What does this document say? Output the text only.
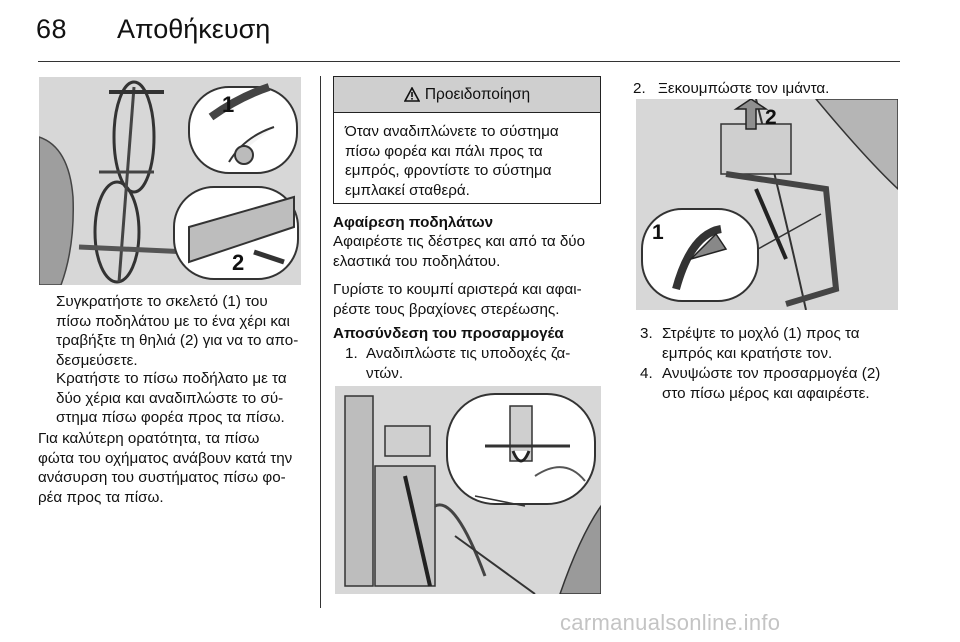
68 Αποθήκευση
1
2
Συγκρατήστε το σκελετό (1) του
πίσω ποδηλάτου με το ένα χέρι και
τραβήξτε τη θηλιά (2) για να το απο-
δεσμεύσετε.
Κρατήστε το πίσω ποδήλατο με τα
δύο χέρια και αναδιπλώστε το σύ-
στημα πίσω φορέα προς τα πίσω.
Για καλύτερη ορατότητα, τα πίσω
φώτα του οχήματος ανάβουν κατά την
ανάσυρση του συστήματος πίσω φο-
ρέα προς τα πίσω.
Προειδοποίηση
Όταν αναδιπλώνετε το σύστημα
πίσω φορέα και πάλι προς τα
εμπρός, φροντίστε το σύστημα
εμπλακεί σταθερά.
Αφαίρεση ποδηλάτων
Αφαιρέστε τις δέστρες και από τα δύο
ελαστικά του ποδηλάτου.
Γυρίστε το κουμπί αριστερά και αφαι-
ρέστε τους βραχίονες στερέωσης.
Αποσύνδεση του προσαρμογέα
1. Αναδιπλώστε τις υποδοχές ζα-
ντών.
2. Ξεκουμπώστε τον ιμάντα.
2
1
3. Στρέψτε το μοχλό (1) προς τα
εμπρός και κρατήστε τον.
4. Ανυψώστε τον προσαρμογέα (2)
στο πίσω μέρος και αφαιρέστε.
carmanualsonline.info
